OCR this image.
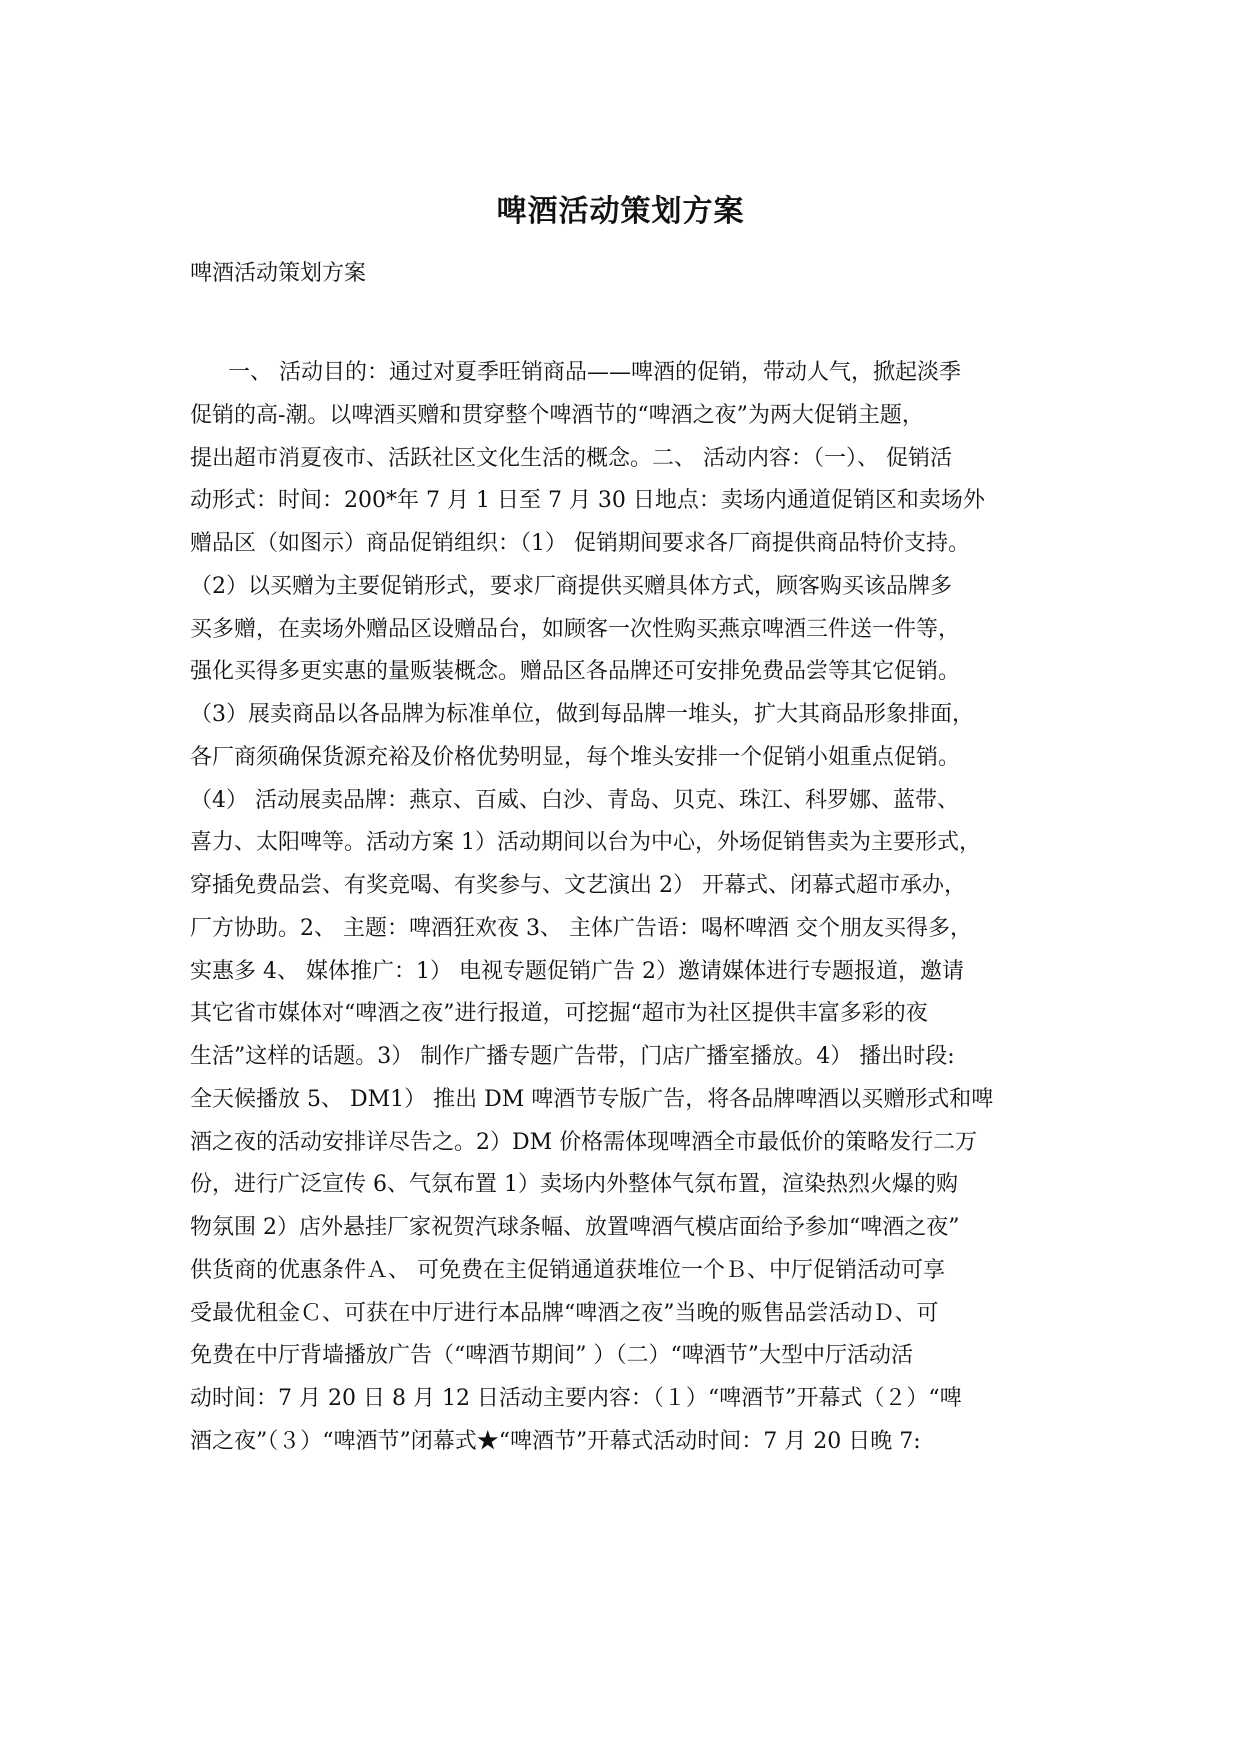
啤酒活动策划方案

啤酒活动策划方案

一、 活动目的：通过对夏季旺销商品——啤酒的促销，带动人气，掀起淡季
促销的高-潮。以啤酒买赠和贯穿整个啤酒节的“啤酒之夜”为两大促销主题，
提出超市消夏夜市、活跃社区文化生活的概念。二、 活动内容：（一）、 促销活
动形式：时间：200*年 7 月 1 日至 7 月 30 日地点：卖场内通道促销区和卖场外
赠品区（如图示）商品促销组织：（1） 促销期间要求各厂商提供商品特价支持。
（2）以买赠为主要促销形式，要求厂商提供买赠具体方式，顾客购买该品牌多
买多赠，在卖场外赠品区设赠品台，如顾客一次性购买燕京啤酒三件送一件等，
强化买得多更实惠的量贩装概念。赠品区各品牌还可安排免费品尝等其它促销。
（3）展卖商品以各品牌为标准单位，做到每品牌一堆头，扩大其商品形象排面，
各厂商须确保货源充裕及价格优势明显，每个堆头安排一个促销小姐重点促销。
（4） 活动展卖品牌：燕京、百威、白沙、青岛、贝克、珠江、科罗娜、蓝带、
喜力、太阳啤等。活动方案 1）活动期间以台为中心，外场促销售卖为主要形式，
穿插免费品尝、有奖竞喝、有奖参与、文艺演出 2） 开幕式、闭幕式超市承办，
厂方协助。2、 主题：啤酒狂欢夜 3、 主体广告语：喝杯啤酒 交个朋友买得多，
实惠多 4、 媒体推广：1） 电视专题促销广告 2）邀请媒体进行专题报道，邀请
其它省市媒体对“啤酒之夜”进行报道，可挖掘“超市为社区提供丰富多彩的夜
生活”这样的话题。3） 制作广播专题广告带，门店广播室播放。4） 播出时段:
全天候播放 5、 DM1） 推出 DM 啤酒节专版广告，将各品牌啤酒以买赠形式和啤
酒之夜的活动安排详尽告之。2）DM 价格需体现啤酒全市最低价的策略发行二万
份，进行广泛宣传 6、气氛布置 1）卖场内外整体气氛布置，渲染热烈火爆的购
物氛围 2）店外悬挂厂家祝贺汽球条幅、放置啤酒气模店面给予参加“啤酒之夜”
供货商的优惠条件Ａ、 可免费在主促销通道获堆位一个Ｂ、中厅促销活动可享
受最优租金Ｃ、可获在中厅进行本品牌“啤酒之夜”当晚的贩售品尝活动Ｄ、可
免费在中厅背墙播放广告（“啤酒节期间” ）（二）“啤酒节”大型中厅活动活
动时间：7 月 20 日 8 月 12 日活动主要内容：（１）“啤酒节”开幕式（２）“啤
酒之夜”（３）“啤酒节”闭幕式★“啤酒节”开幕式活动时间：7 月 20 日晚 7:
